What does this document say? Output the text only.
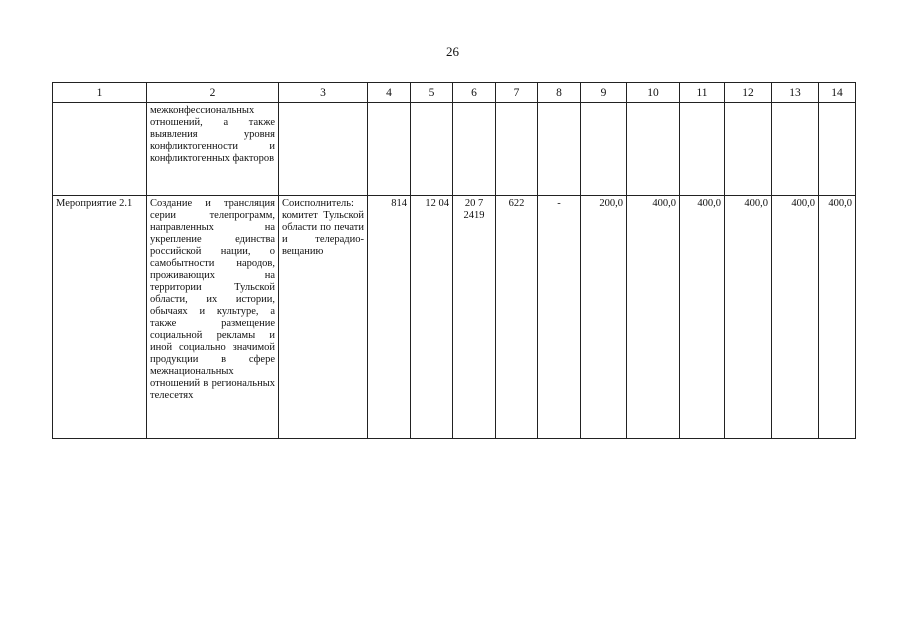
26
1	2	3	4	5	6	7	8	9	10	11	12	13	14
	межконфессиональных отношений, а также выявления уровня конфликтогенности и конфликтогенных факторов												
Мероприятие 2.1	Создание и трансляция серии телепрограмм, направленных на укрепление единства российской нации, о самобытности народов, проживающих на территории Тульской области, их истории, обычаях и культуре, а также размещение социальной рекламы и иной социально значимой продукции в сфере межнациональных отношений в региональных телесетях	Соисполнитель: комитет Тульской области по печати и телерадио-вещанию	814	12 04	20 7 2419	622	-	200,0	400,0	400,0	400,0	400,0	400,0
